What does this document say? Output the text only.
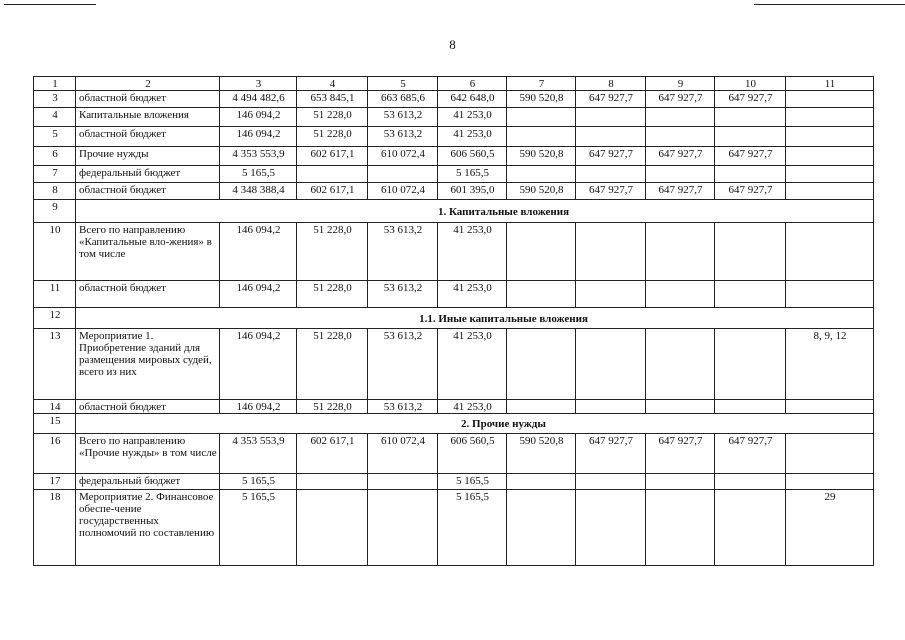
8
1	2	3	4	5	6	7	8	9	10	11
3	областной бюджет	4 494 482,6	653 845,1	663 685,6	642 648,0	590 520,8	647 927,7	647 927,7	647 927,7	
4	Капитальные вложения	146 094,2	51 228,0	53 613,2	41 253,0					
5	областной бюджет	146 094,2	51 228,0	53 613,2	41 253,0					
6	Прочие нужды	4 353 553,9	602 617,1	610 072,4	606 560,5	590 520,8	647 927,7	647 927,7	647 927,7	
7	федеральный бюджет	5 165,5			5 165,5					
8	областной бюджет	4 348 388,4	602 617,1	610 072,4	601 395,0	590 520,8	647 927,7	647 927,7	647 927,7	
9	1. Капитальные вложения									
10	Всего по направлению «Капитальные вло-жения» в том числе	146 094,2	51 228,0	53 613,2	41 253,0					
11	областной бюджет	146 094,2	51 228,0	53 613,2	41 253,0					
12	1.1. Иные капитальные вложения									
13	Мероприятие 1. Приобретение зданий для размещения мировых судей, всего из них	146 094,2	51 228,0	53 613,2	41 253,0					8, 9, 12
14	областной бюджет	146 094,2	51 228,0	53 613,2	41 253,0					
15	2. Прочие нужды									
16	Всего по направлению «Прочие нужды» в том числе	4 353 553,9	602 617,1	610 072,4	606 560,5	590 520,8	647 927,7	647 927,7	647 927,7	
17	федеральный бюджет	5 165,5			5 165,5					
18	Мероприятие 2. Финансовое обеспе-чение государственных полномочий по составлению	5 165,5			5 165,5					29
